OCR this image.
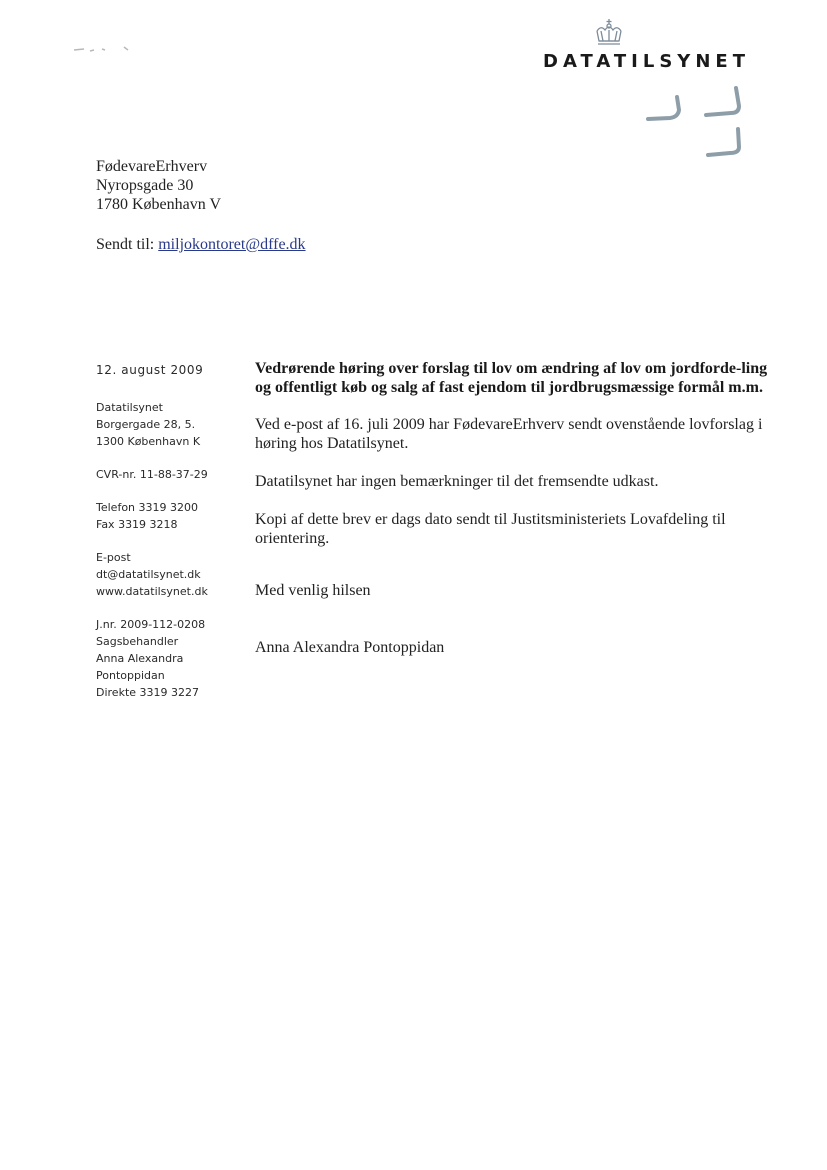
DATATILSYNET
FødevareErhverv
Nyropsgade 30
1780 København V
Sendt til: miljokontoret@dffe.dk
12. august 2009
Datatilsynet
Borgergade 28, 5.
1300 København K
CVR-nr. 11-88-37-29
Telefon 3319 3200
Fax 3319 3218
E-post
dt@datatilsynet.dk
www.datatilsynet.dk
J.nr. 2009-112-0208
Sagsbehandler
Anna Alexandra
Pontoppidan
Direkte 3319 3227

Vedrørende høring over forslag til lov om ændring af lov om jordforde-ling og offentligt køb og salg af fast ejendom til jordbrugsmæssige formål m.m.

Ved e-post af 16. juli 2009 har FødevareErhverv sendt ovenstående lovforslag i høring hos Datatilsynet.

Datatilsynet har ingen bemærkninger til det fremsendte udkast.

Kopi af dette brev er dags dato sendt til Justitsministeriets Lovafdeling til orientering.

Med venlig hilsen

Anna Alexandra Pontoppidan
